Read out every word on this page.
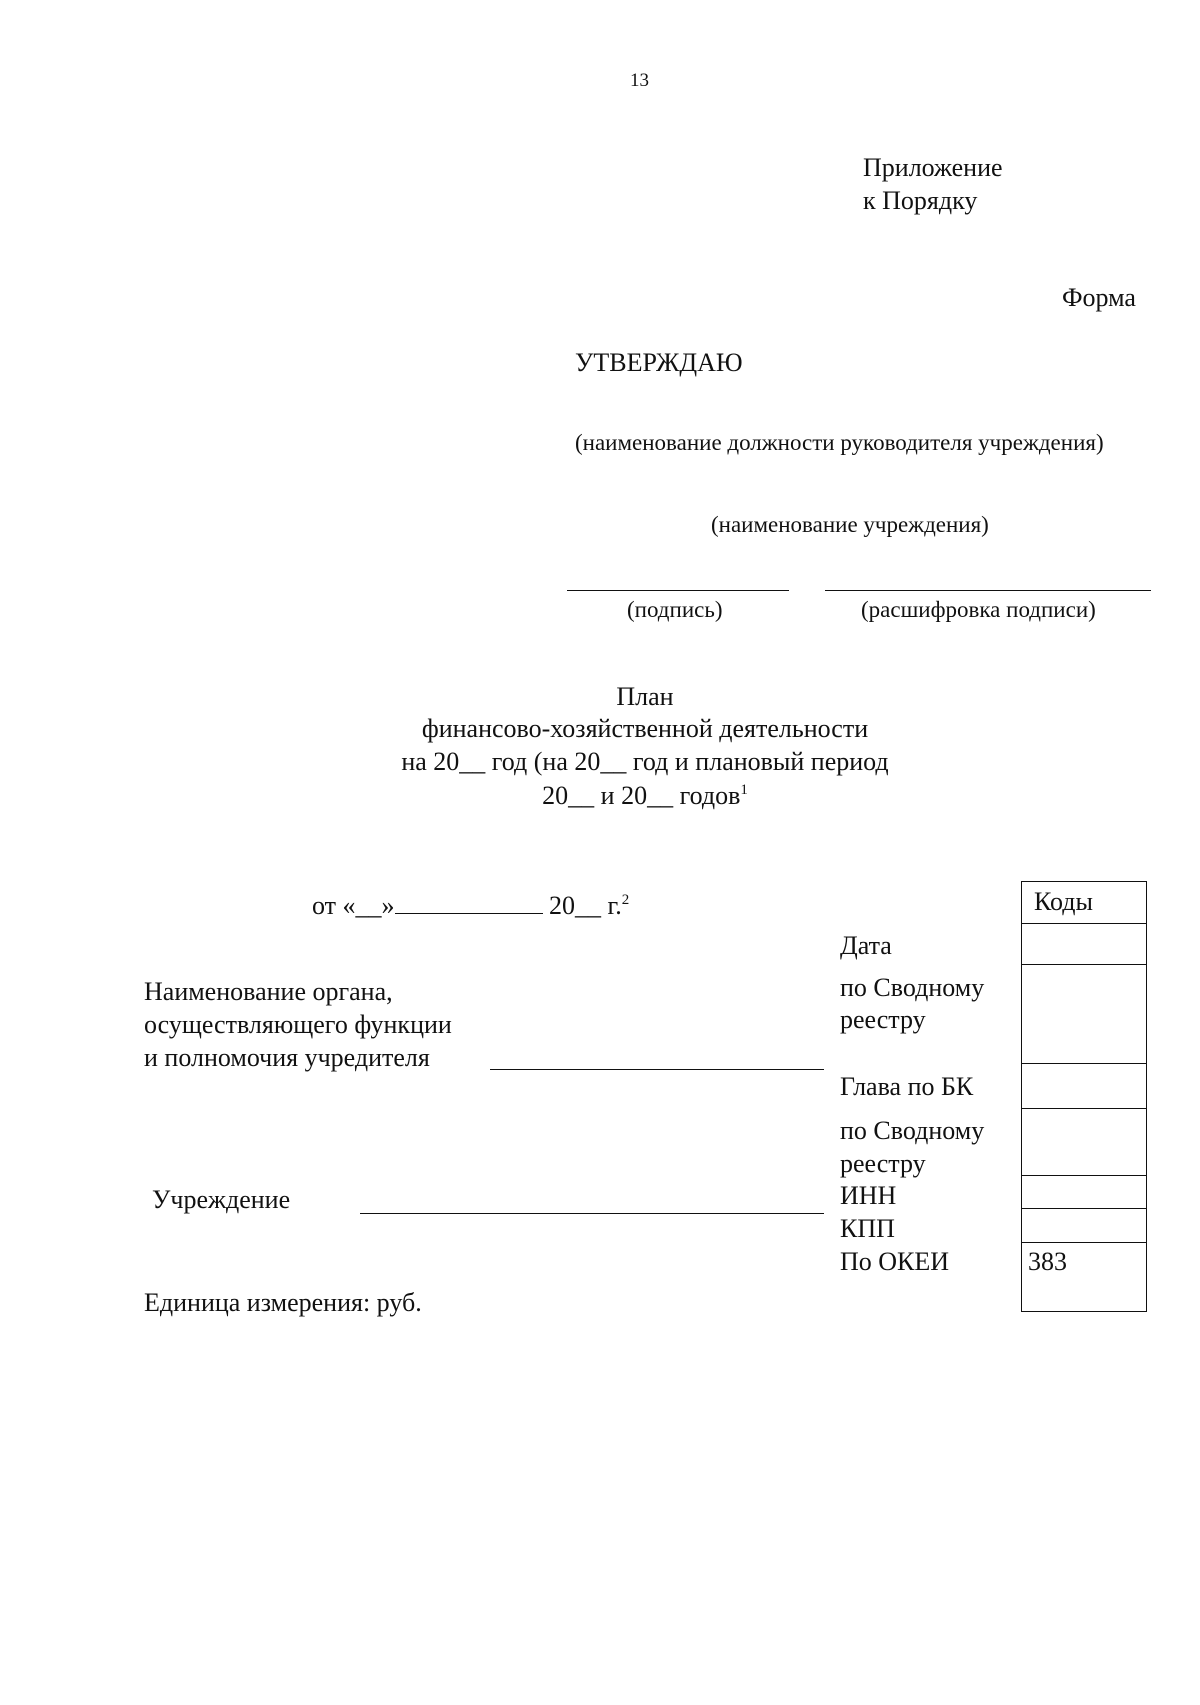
13
Приложение
к Порядку
Форма
УТВЕРЖДАЮ
(наименование должности руководителя учреждения)
(наименование учреждения)
(подпись)	(расшифровка подписи)
План
финансово-хозяйственной деятельности
на 20__ год (на 20__ год и плановый период
20__ и 20__ годов$^1$
от «__»	20__ г.$^2$
Наименование органа,
осуществляющего функции
и полномочия учредителя
Учреждение
Единица измерения: руб.
Дата
по Сводному
реестру
Глава по БК
по Сводному
реестру
ИНН
КПП
По ОКЕИ
Коды
383
